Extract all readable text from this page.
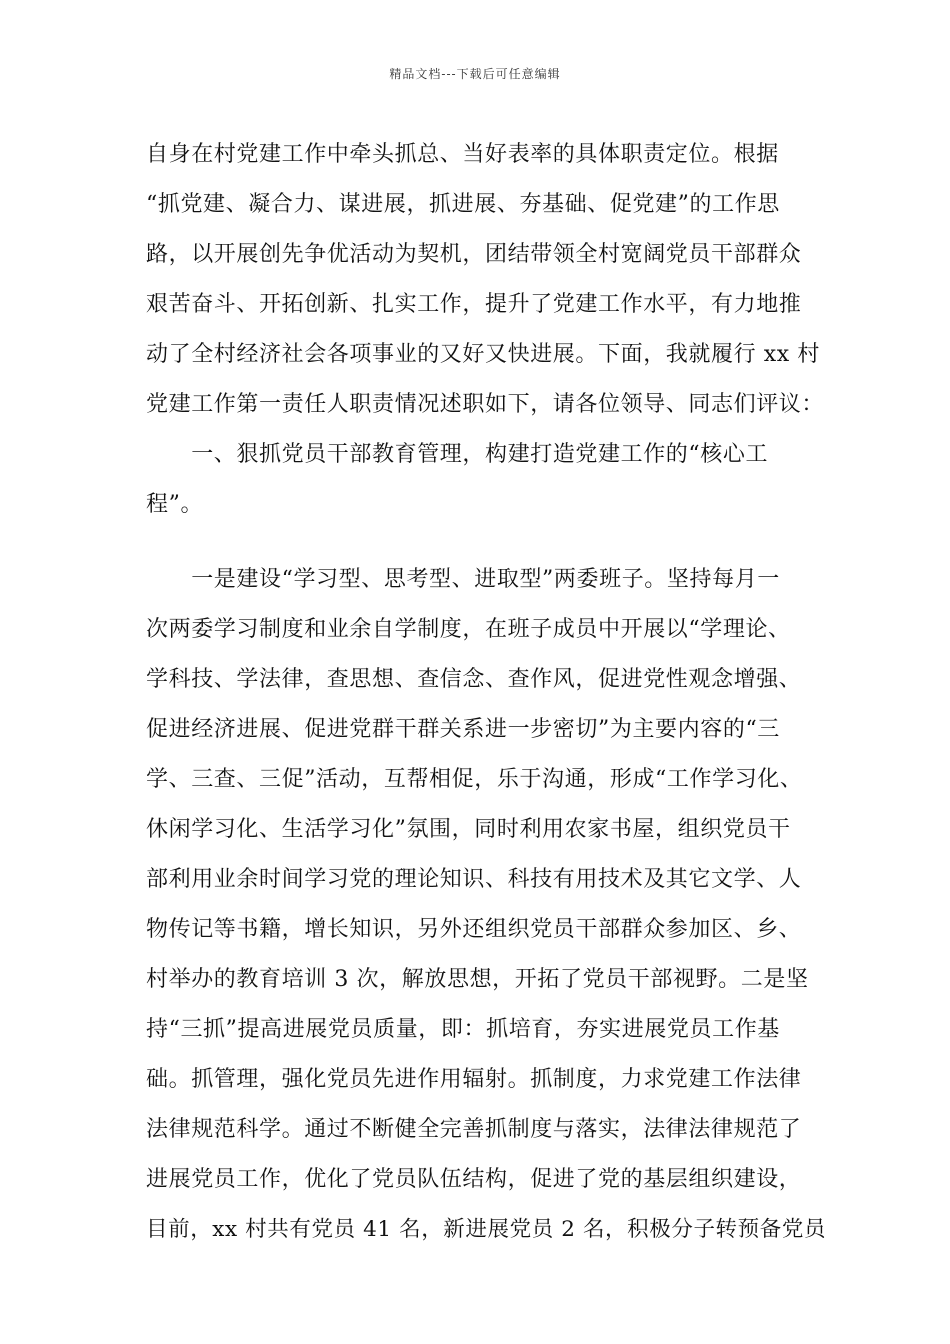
精品文档---下载后可任意编辑
自身在村党建工作中牵头抓总、当好表率的具体职责定位。根据
“抓党建、凝合力、谋进展，抓进展、夯基础、促党建”的工作思
路，以开展创先争优活动为契机，团结带领全村宽阔党员干部群众
艰苦奋斗、开拓创新、扎实工作，提升了党建工作水平，有力地推
动了全村经济社会各项事业的又好又快进展。下面，我就履行 xx 村
党建工作第一责任人职责情况述职如下，请各位领导、同志们评议：
　　一、狠抓党员干部教育管理，构建打造党建工作的“核心工
程”。
　　一是建设“学习型、思考型、进取型”两委班子。坚持每月一
次两委学习制度和业余自学制度，在班子成员中开展以“学理论、
学科技、学法律，查思想、查信念、查作风，促进党性观念增强、
促进经济进展、促进党群干群关系进一步密切”为主要内容的“三
学、三查、三促”活动，互帮相促，乐于沟通，形成“工作学习化、
休闲学习化、生活学习化”氛围，同时利用农家书屋，组织党员干
部利用业余时间学习党的理论知识、科技有用技术及其它文学、人
物传记等书籍，增长知识，另外还组织党员干部群众参加区、乡、
村举办的教育培训 3 次，解放思想，开拓了党员干部视野。二是坚
持“三抓”提高进展党员质量，即：抓培育，夯实进展党员工作基
础。抓管理，强化党员先进作用辐射。抓制度，力求党建工作法律
法律规范科学。通过不断健全完善抓制度与落实，法律法律规范了
进展党员工作，优化了党员队伍结构，促进了党的基层组织建设，
目前，xx 村共有党员 41 名，新进展党员 2 名，积极分子转预备党员
